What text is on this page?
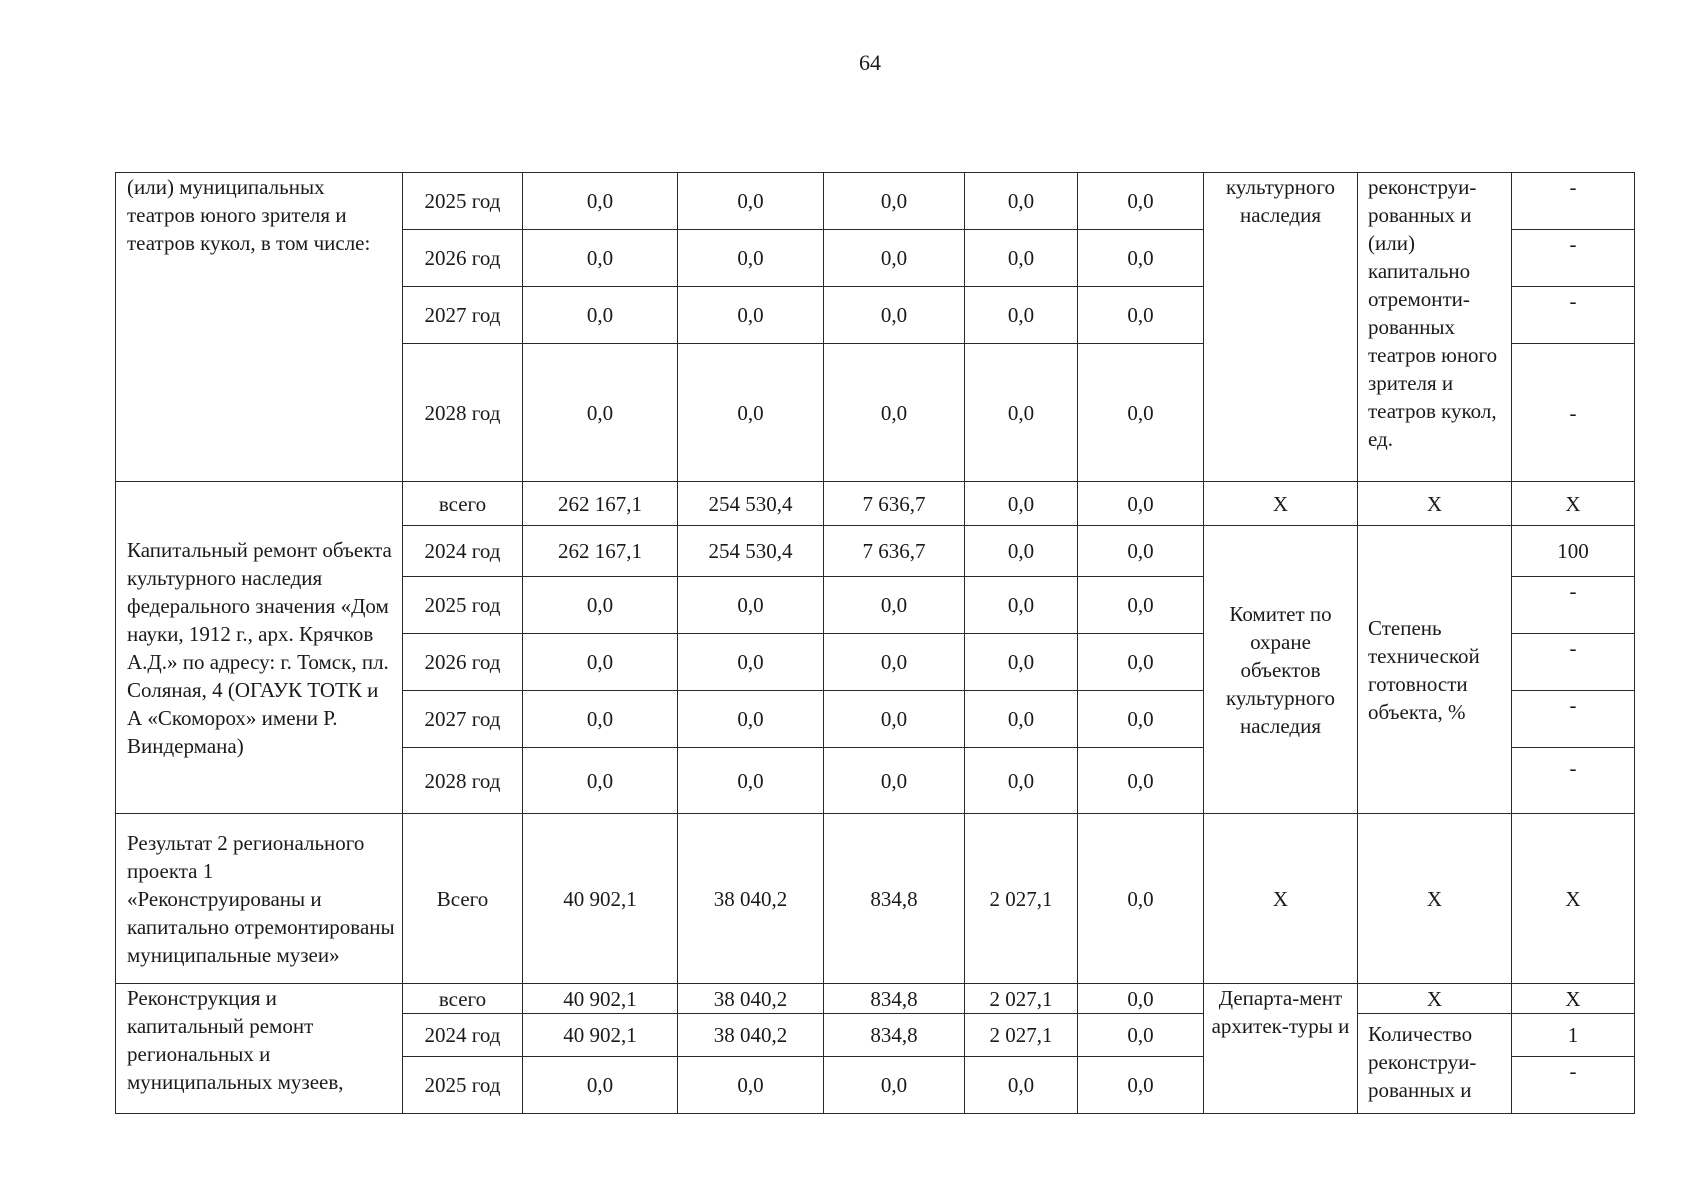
64
(или) муниципальных театров юного зрителя и театров кукол, в том числе:	2025 год	0,0	0,0	0,0	0,0	0,0	культурного наследия	реконструи-рованных и (или) капитально отремонти-рованных театров юного зрителя и театров кукол, ед.	-
	2026 год	0,0	0,0	0,0	0,0	0,0			-
	2027 год	0,0	0,0	0,0	0,0	0,0			-
	2028 год	0,0	0,0	0,0	0,0	0,0			-
Капитальный ремонт объекта культурного наследия федерального значения «Дом науки, 1912 г., арх. Крячков А.Д.» по адресу: г. Томск, пл. Соляная, 4 (ОГАУК ТОТК и А «Скоморох» имени Р. Виндермана)	всего	262 167,1	254 530,4	7 636,7	0,0	0,0	Х	Х	Х
	2024 год	262 167,1	254 530,4	7 636,7	0,0	0,0	Комитет по охране объектов культурного наследия	Степень технической готовности объекта, %	100
	2025 год	0,0	0,0	0,0	0,0	0,0			-
	2026 год	0,0	0,0	0,0	0,0	0,0			-
	2027 год	0,0	0,0	0,0	0,0	0,0			-
	2028 год	0,0	0,0	0,0	0,0	0,0			-
Результат 2 регионального проекта 1 «Реконструированы и капитально отремонтированы муниципальные музеи»	Всего	40 902,1	38 040,2	834,8	2 027,1	0,0	Х	Х	Х
Реконструкция и капитальный ремонт региональных и муниципальных музеев,	всего	40 902,1	38 040,2	834,8	2 027,1	0,0	Департа-мент архитек-туры и	Х	Х
	2024 год	40 902,1	38 040,2	834,8	2 027,1	0,0		Количество реконструи-рованных и	1
	2025 год	0,0	0,0	0,0	0,0	0,0			-
